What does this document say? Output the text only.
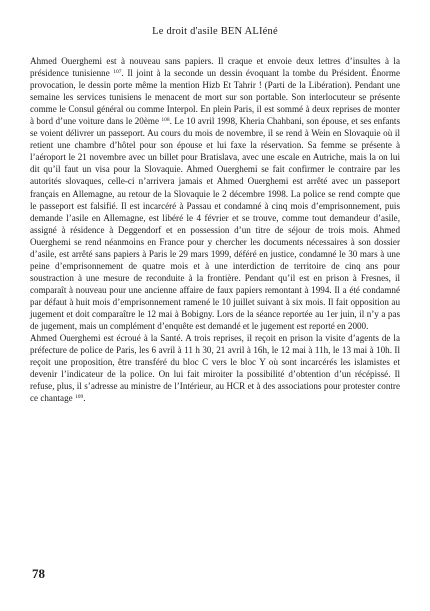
Le droit d'asile BEN ALIéné

Ahmed Ouerghemi est à nouveau sans papiers. Il craque et envoie deux lettres d’insultes à la présidence tunisienne $^{107}$. Il joint à la seconde un dessin évoquant la tombe du Président. Énorme provocation, le dessin porte même la mention Hizb Et Tahrir ! (Parti de la Libération). Pendant une semaine les services tunisiens le menacent de mort sur son portable. Son interlocuteur se présente comme le Consul général ou comme Interpol. En plein Paris, il est sommé à deux reprises de monter à bord d’une voiture dans le 20ème $^{108}$. Le 10 avril 1998, Kheria Chahbani, son épouse, et ses enfants se voient délivrer un passeport. Au cours du mois de novembre, il se rend à Wein en Slovaquie où il retient une chambre d’hôtel pour son épouse et lui faxe la réservation. Sa femme se présente à l’aéroport le 21 novembre avec un billet pour Bratislava, avec une escale en Autriche, mais la on lui dit qu’il faut un visa pour la Slovaquie. Ahmed Ouerghemi se fait confirmer le contraire par les autorités slovaques, celle-ci n’arrivera jamais et Ahmed Ouerghemi est arrêté avec un passeport français en Allemagne, au retour de la Slovaquie le 2 décembre 1998. La police se rend compte que le passeport est falsifié. Il est incarcéré à Passau et condamné à cinq mois d’emprisonnement, puis demande l’asile en Allemagne, est libéré le 4 février et se trouve, comme tout demandeur d’asile, assigné à résidence à Deggendorf et en possession d’un titre de séjour de trois mois. Ahmed Ouerghemi se rend néanmoins en France pour y chercher les documents nécessaires à son dossier d’asile, est arrêté sans papiers à Paris le 29 mars 1999, déféré en justice, condamné le 30 mars à une peine d’emprisonnement de quatre mois et à une interdiction de territoire de cinq ans pour soustraction à une mesure de reconduite à la frontière. Pendant qu’il est en prison à Fresnes, il comparaît à nouveau pour une ancienne affaire de faux papiers remontant à 1994. Il a été condamné par défaut à huit mois d’emprisonnement ramené le 10 juillet suivant à six mois. Il fait opposition au jugement et doit comparaître le 12 mai à Bobigny. Lors de la séance reportée au 1er juin, il n’y a pas de jugement, mais un complément d’enquête est demandé et le jugement est reporté en 2000.

Ahmed Ouerghemi est écroué à la Santé. A trois reprises, il reçoit en prison la visite d’agents de la préfecture de police de Paris, les 6 avril à 11 h 30, 21 avril à 16h, le 12 mai à 11h, le 13 mai à 10h. Il reçoit une proposition, être transféré du bloc C vers le bloc Y où sont incarcérés les islamistes et devenir l’indicateur de la police. On lui fait miroiter la possibilité d’obtention d’un récépissé. Il refuse, plus, il s’adresse au ministre de l’Intérieur, au HCR et à des associations pour protester contre ce chantage $^{109}$.

78
